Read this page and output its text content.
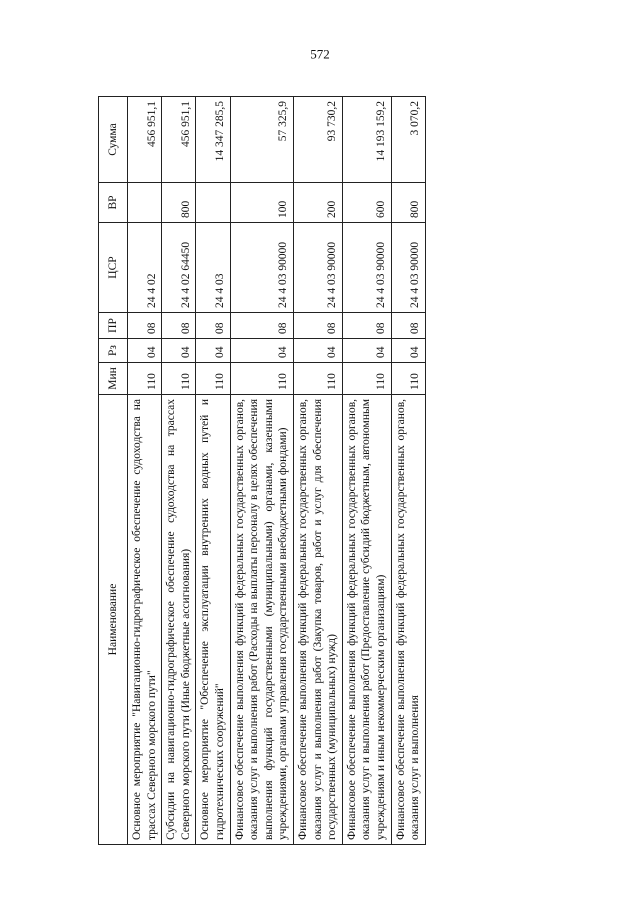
572
Наименование	Мин	Рз	ПР	ЦСР	ВР	Сумма
Основное мероприятие "Навигационно-гидрографическое обеспечение судоходства на трассах Северного морского пути"	110	04	08	24 4 02		456 951,1
Субсидии на навигационно-гидрографическое обеспечение судоходства на трассах Северного морского пути (Иные бюджетные ассигнования)	110	04	08	24 4 02 64450	800	456 951,1
Основное мероприятие "Обеспечение эксплуатации внутренних водных путей и гидротехнических сооружений"	110	04	08	24 4 03		14 347 285,5
Финансовое обеспечение выполнения функций федеральных государственных органов, оказания услуг и выполнения работ (Расходы на выплаты персоналу в целях обеспечения выполнения функций государственными (муниципальными) органами, казенными учреждениями, органами управления государственными внебюджетными фондами)	110	04	08	24 4 03 90000	100	57 325,9
Финансовое обеспечение выполнения функций федеральных государственных органов, оказания услуг и выполнения работ (Закупка товаров, работ и услуг для обеспечения государственных (муниципальных) нужд)	110	04	08	24 4 03 90000	200	93 730,2
Финансовое обеспечение выполнения функций федеральных государственных органов, оказания услуг и выполнения работ (Предоставление субсидий бюджетным, автономным учреждениям и иным некоммерческим организациям)	110	04	08	24 4 03 90000	600	14 193 159,2
Финансовое обеспечение выполнения функций федеральных государственных органов, оказания услуг и выполнения	110	04	08	24 4 03 90000	800	3 070,2
